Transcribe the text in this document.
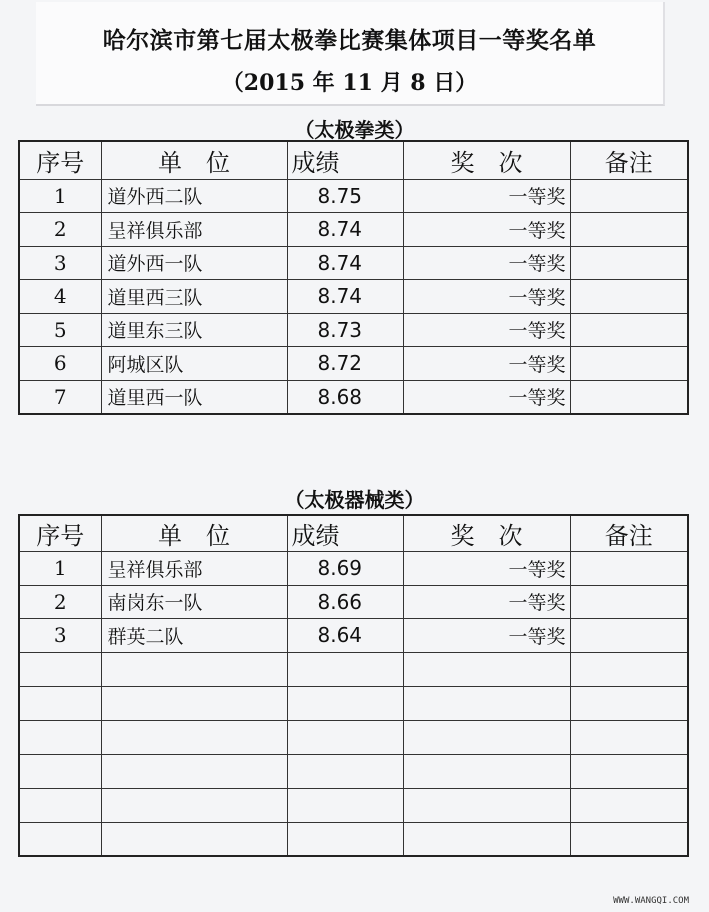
哈尔滨市第七届太极拳比赛集体项目一等奖名单
（2015 年 11 月 8 日）
（太极拳类）
序号	单　位	成绩	奖　次	备注
1	道外西二队	8.75	一等奖	
2	呈祥俱乐部	8.74	一等奖	
3	道外西一队	8.74	一等奖	
4	道里西三队	8.74	一等奖	
5	道里东三队	8.73	一等奖	
6	阿城区队	8.72	一等奖	
7	道里西一队	8.68	一等奖	
（太极器械类）
序号	单　位	成绩	奖　次	备注
1	呈祥俱乐部	8.69	一等奖	
2	南岗东一队	8.66	一等奖	
3	群英二队	8.64	一等奖	

WWW.WANGQI.COM
